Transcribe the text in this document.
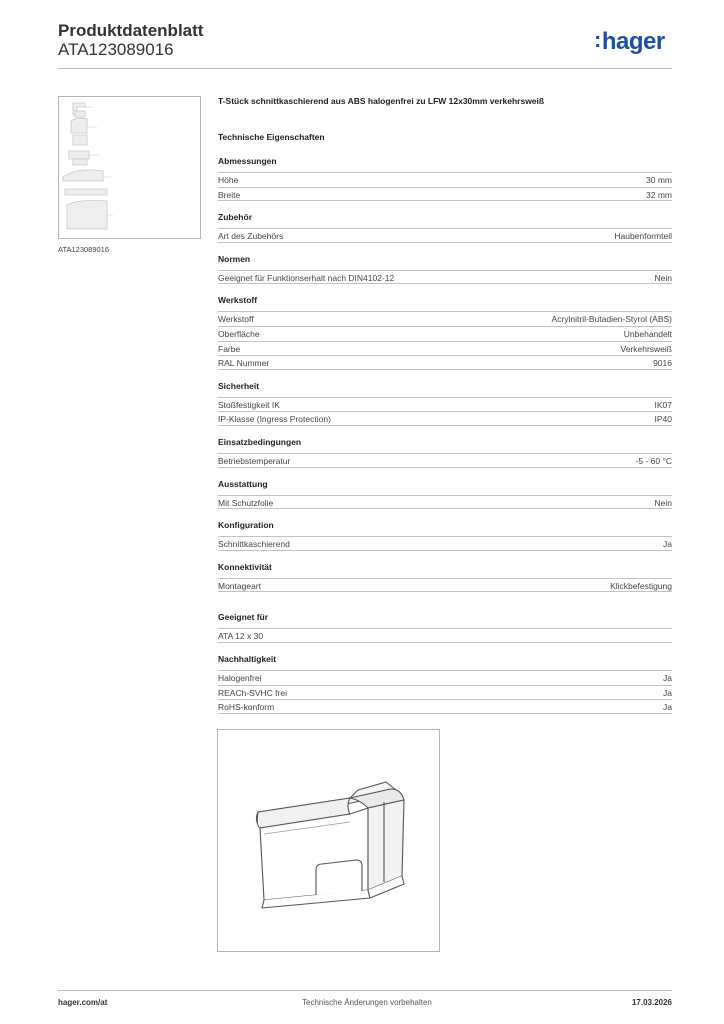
Produktdatenblatt
ATA123089016	:hager
ATA123089016
T-Stück schnittkaschierend aus ABS halogenfrei zu LFW 12x30mm verkehrsweiß
Technische Eigenschaften
Abmessungen
Höhe	30 mm
Breite	32 mm
Zubehör
Art des Zubehörs	Haubenformteil
Normen
Geeignet für Funktionserhalt nach DIN4102-12	Nein
Werkstoff
Werkstoff	Acrylnitril-Butadien-Styrol (ABS)
Oberfläche	Unbehandelt
Farbe	Verkehrsweiß
RAL Nummer	9016
Sicherheit
Stoßfestigkeit IK	IK07
IP-Klasse (Ingress Protection)	IP40
Einsatzbedingungen
Betriebstemperatur	-5 - 60 °C
Ausstattung
Mit Schutzfolie	Nein
Konfiguration
Schnittkaschierend	Ja
Konnektivität
Montageart	Klickbefestigung
Geeignet für
ATA 12 x 30
Nachhaltigkeit
Halogenfrei	Ja
REACh-SVHC frei	Ja
RoHS-konform	Ja
hager.com/at	Technische Änderungen vorbehalten	17.03.2026
